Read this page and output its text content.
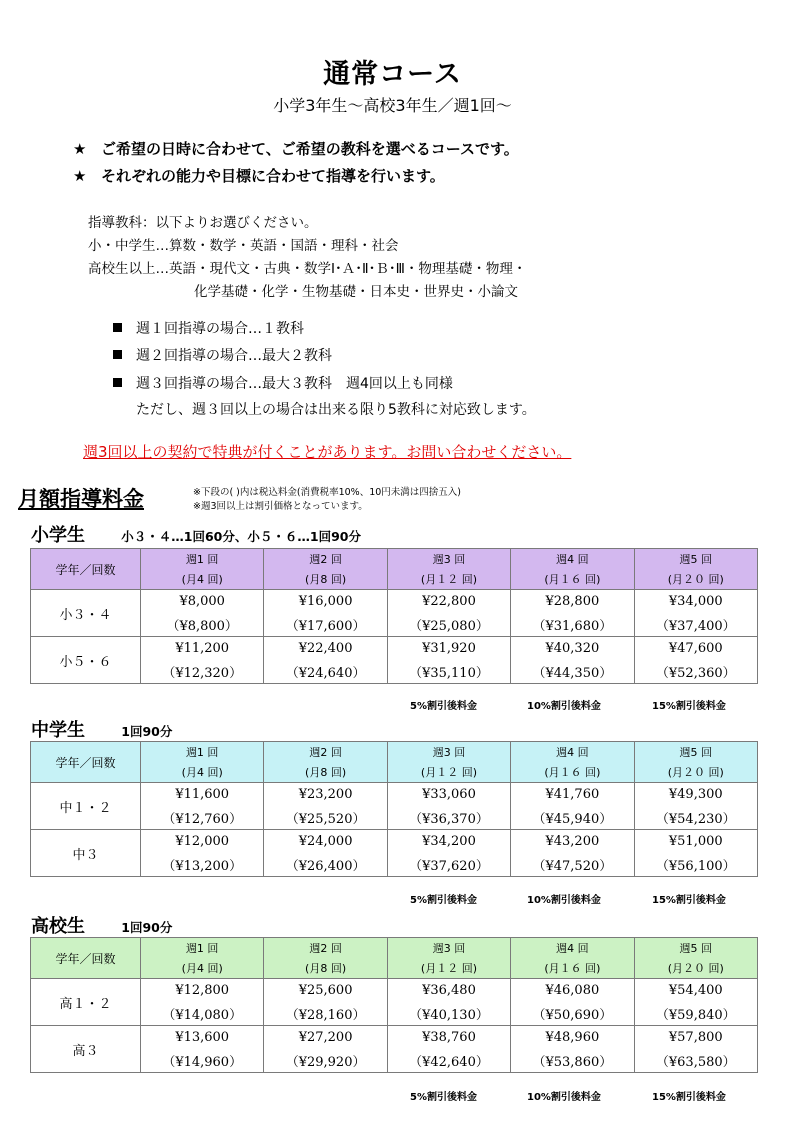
通常コース
小学3年生～高校3年生／週1回～
★ ご希望の日時に合わせて、ご希望の教科を選べるコースです。
★ それぞれの能力や目標に合わせて指導を行います。
指導教科：以下よりお選びください。
小・中学生…算数・数学・英語・国語・理科・社会
高校生以上…英語・現代文・古典・数学Ⅰ･Ａ･Ⅱ･Ｂ･Ⅲ・物理基礎・物理・
化学基礎・化学・生物基礎・日本史・世界史・小論文
週１回指導の場合…１教科
週２回指導の場合…最大２教科
週３回指導の場合…最大３教科　週4回以上も同様
ただし、週３回以上の場合は出来る限り5教科に対応致します。
週3回以上の契約で特典が付くことがあります。お問い合わせください。
月額指導料金	※下段の( )内は税込料金(消費税率10%、10円未満は四捨五入)
※週3回以上は割引価格となっています。
小学生	小３・４…1回60分、小５・６…1回90分
学年／回数	週1 回	週2 回	週3 回	週4 回	週5 回
	(月4 回)	(月8 回)	(月１２ 回)	(月１６ 回)	(月２０ 回)
小３・４	¥8,000	¥16,000	¥22,800	¥28,800	¥34,000
	（¥8,800）	（¥17,600）	（¥25,080）	（¥31,680）	（¥37,400）
小５・６	¥11,200	¥22,400	¥31,920	¥40,320	¥47,600
	（¥12,320）	（¥24,640）	（¥35,110）	（¥44,350）	（¥52,360）
5%割引後料金	10%割引後料金	15%割引後料金
中学生	1回90分
学年／回数	週1 回	週2 回	週3 回	週4 回	週5 回
	(月4 回)	(月8 回)	(月１２ 回)	(月１６ 回)	(月２０ 回)
中１・２	¥11,600	¥23,200	¥33,060	¥41,760	¥49,300
	（¥12,760）	（¥25,520）	（¥36,370）	（¥45,940）	（¥54,230）
中３	¥12,000	¥24,000	¥34,200	¥43,200	¥51,000
	（¥13,200）	（¥26,400）	（¥37,620）	（¥47,520）	（¥56,100）
5%割引後料金	10%割引後料金	15%割引後料金
高校生	1回90分
学年／回数	週1 回	週2 回	週3 回	週4 回	週5 回
	(月4 回)	(月8 回)	(月１２ 回)	(月１６ 回)	(月２０ 回)
高１・２	¥12,800	¥25,600	¥36,480	¥46,080	¥54,400
	（¥14,080）	（¥28,160）	（¥40,130）	（¥50,690）	（¥59,840）
高３	¥13,600	¥27,200	¥38,760	¥48,960	¥57,800
	（¥14,960）	（¥29,920）	（¥42,640）	（¥53,860）	（¥63,580）
5%割引後料金	10%割引後料金	15%割引後料金
